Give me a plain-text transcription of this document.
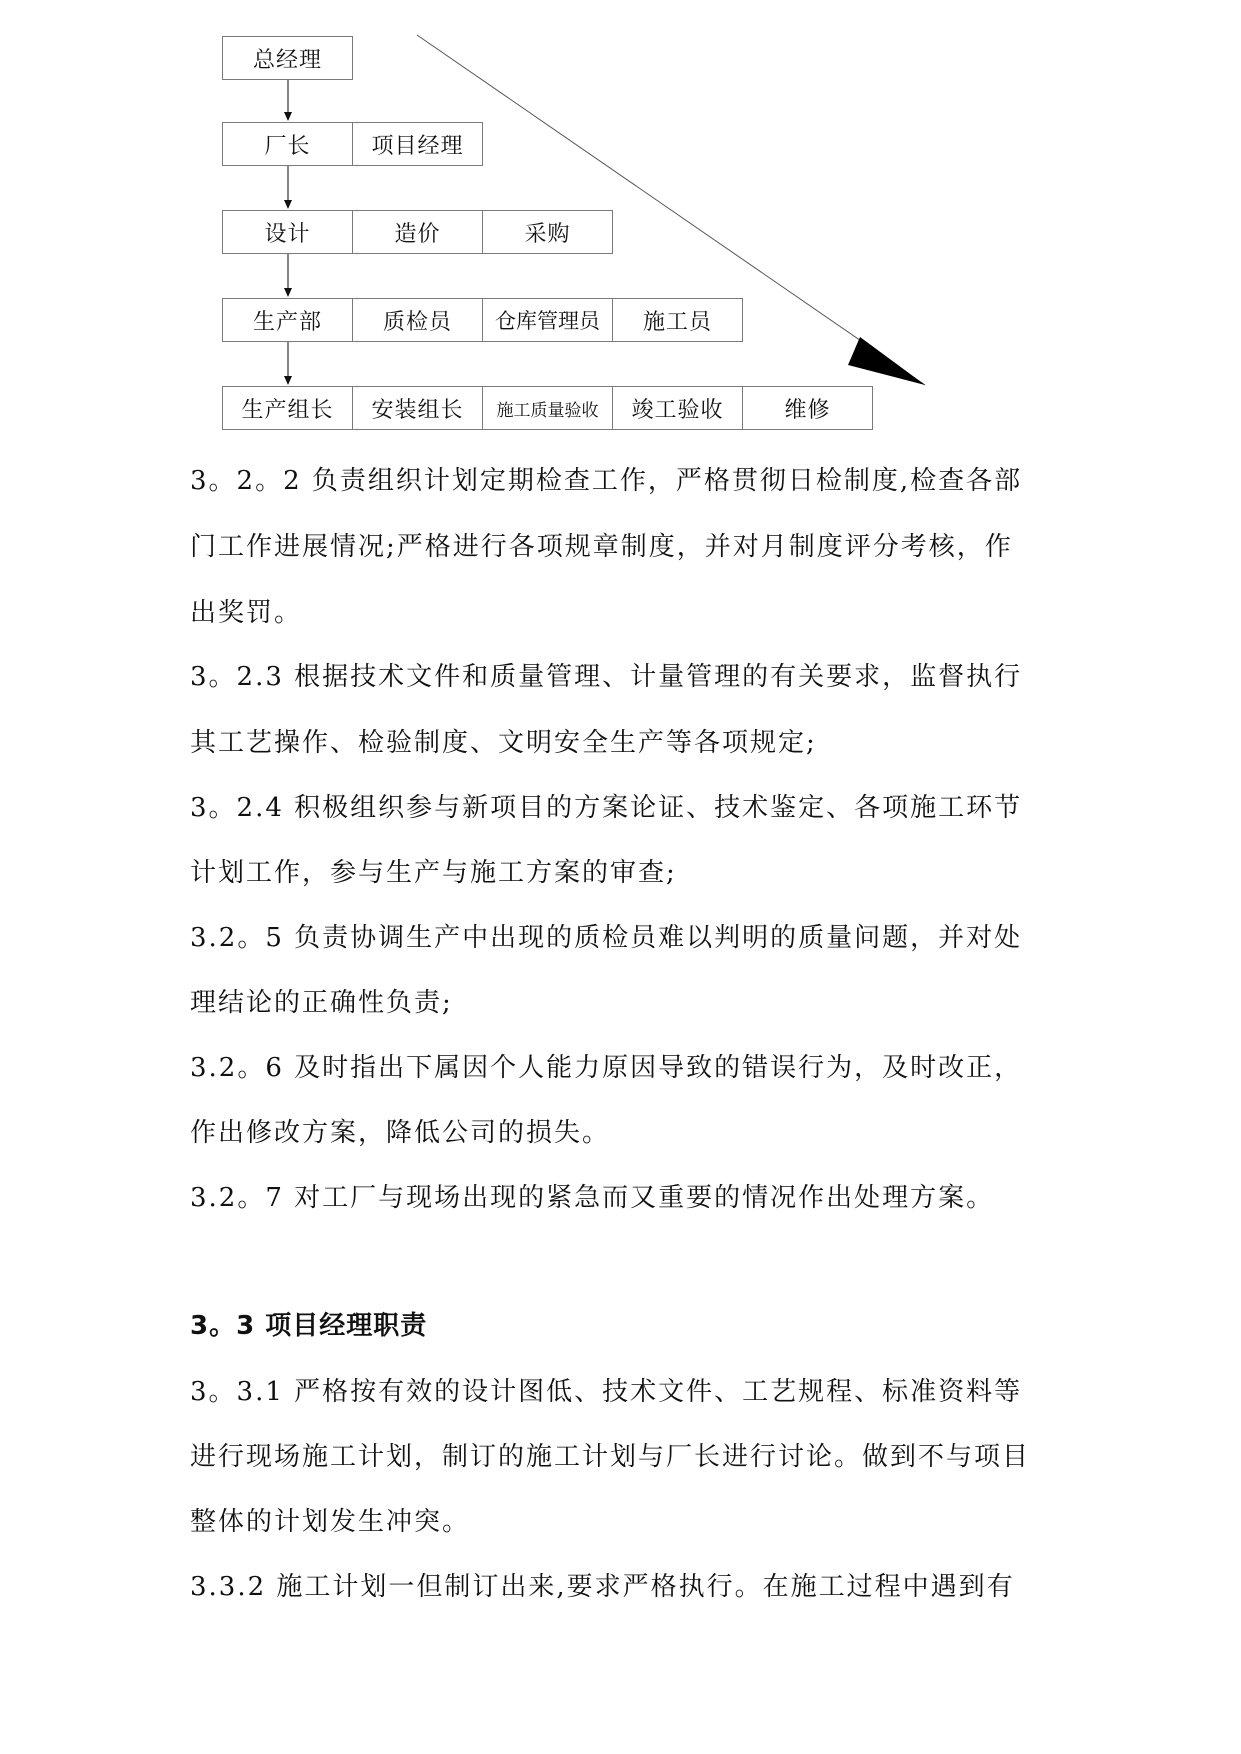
总经理
厂长	项目经理
设计	造价	采购
生产部	质检员	仓库管理员	施工员
生产组长	安装组长	施工质量验收	竣工验收	维修
3。2。2 负责组织计划定期检查工作，严格贯彻日检制度,检查各部
门工作进展情况;严格进行各项规章制度，并对月制度评分考核，作
出奖罚。
3。2.3 根据技术文件和质量管理、计量管理的有关要求，监督执行
其工艺操作、检验制度、文明安全生产等各项规定;
3。2.4 积极组织参与新项目的方案论证、技术鉴定、各项施工环节
计划工作，参与生产与施工方案的审查;
3.2。5 负责协调生产中出现的质检员难以判明的质量问题，并对处
理结论的正确性负责;
3.2。6 及时指出下属因个人能力原因导致的错误行为，及时改正，
作出修改方案，降低公司的损失。
3.2。7 对工厂与现场出现的紧急而又重要的情况作出处理方案。
3。3 项目经理职责
3。3.1 严格按有效的设计图低、技术文件、工艺规程、标准资料等
进行现场施工计划，制订的施工计划与厂长进行讨论。做到不与项目
整体的计划发生冲突。
3.3.2 施工计划一但制订出来,要求严格执行。在施工过程中遇到有
